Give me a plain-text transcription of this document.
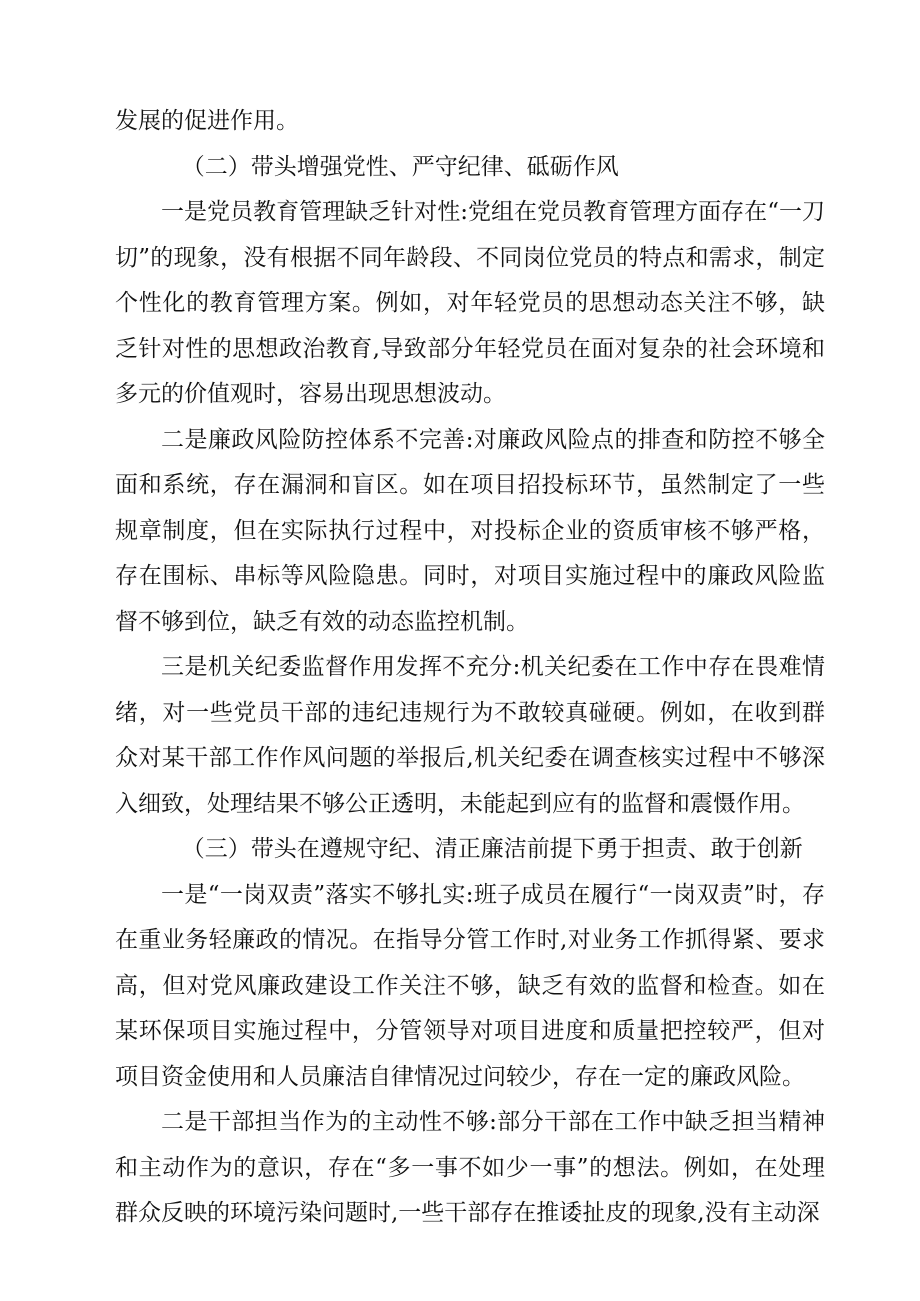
发展的促进作用。

（二）带头增强党性、严守纪律、砥砺作风

一是党员教育管理缺乏针对性:党组在党员教育管理方面存在“一刀切”的现象，没有根据不同年龄段、不同岗位党员的特点和需求，制定个性化的教育管理方案。例如，对年轻党员的思想动态关注不够，缺乏针对性的思想政治教育,导致部分年轻党员在面对复杂的社会环境和多元的价值观时，容易出现思想波动。

二是廉政风险防控体系不完善:对廉政风险点的排查和防控不够全面和系统，存在漏洞和盲区。如在项目招投标环节，虽然制定了一些规章制度，但在实际执行过程中，对投标企业的资质审核不够严格，存在围标、串标等风险隐患。同时，对项目实施过程中的廉政风险监督不够到位，缺乏有效的动态监控机制。

三是机关纪委监督作用发挥不充分:机关纪委在工作中存在畏难情绪，对一些党员干部的违纪违规行为不敢较真碰硬。例如，在收到群众对某干部工作作风问题的举报后,机关纪委在调查核实过程中不够深入细致，处理结果不够公正透明，未能起到应有的监督和震慑作用。

（三）带头在遵规守纪、清正廉洁前提下勇于担责、敢于创新

一是“一岗双责”落实不够扎实:班子成员在履行“一岗双责”时，存在重业务轻廉政的情况。在指导分管工作时,对业务工作抓得紧、要求高，但对党风廉政建设工作关注不够，缺乏有效的监督和检查。如在某环保项目实施过程中，分管领导对项目进度和质量把控较严，但对项目资金使用和人员廉洁自律情况过问较少，存在一定的廉政风险。

二是干部担当作为的主动性不够:部分干部在工作中缺乏担当精神和主动作为的意识，存在“多一事不如少一事”的想法。例如，在处理群众反映的环境污染问题时,一些干部存在推诿扯皮的现象,没有主动深
